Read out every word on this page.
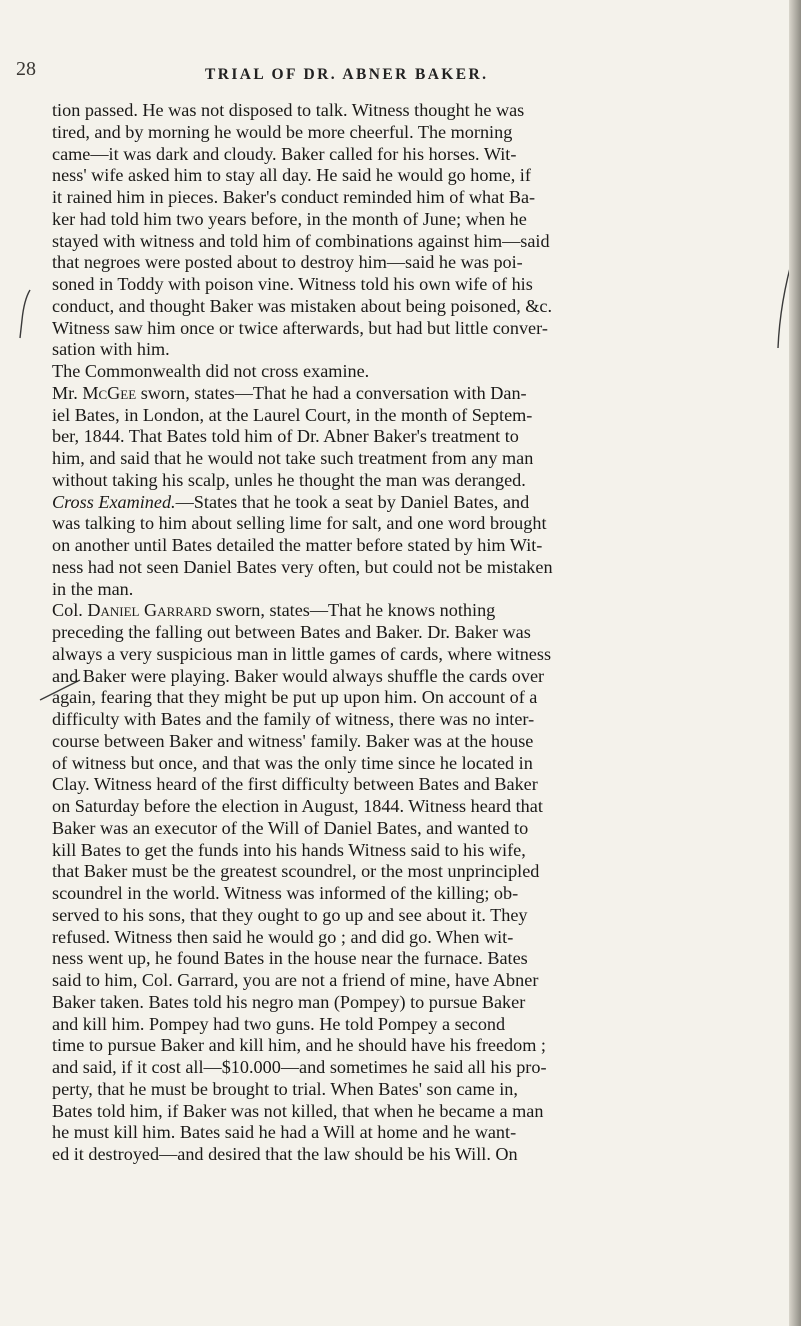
28	TRIAL OF DR. ABNER BAKER.
tion passed. He was not disposed to talk. Witness thought he was
tired, and by morning he would be more cheerful. The morning
came—it was dark and cloudy. Baker called for his horses. Wit-
ness' wife asked him to stay all day. He said he would go home, if
it rained him in pieces. Baker's conduct reminded him of what Ba-
ker had told him two years before, in the month of June; when he
stayed with witness and told him of combinations against him—said
that negroes were posted about to destroy him—said he was poi-
soned in Toddy with poison vine. Witness told his own wife of his
conduct, and thought Baker was mistaken about being poisoned, &c.
Witness saw him once or twice afterwards, but had but little conver-
sation with him.
The Commonwealth did not cross examine.
Mr. McGee sworn, states—That he had a conversation with Dan-
iel Bates, in London, at the Laurel Court, in the month of Septem-
ber, 1844. That Bates told him of Dr. Abner Baker's treatment to
him, and said that he would not take such treatment from any man
without taking his scalp, unles he thought the man was deranged.
Cross Examined.—States that he took a seat by Daniel Bates, and
was talking to him about selling lime for salt, and one word brought
on another until Bates detailed the matter before stated by him Wit-
ness had not seen Daniel Bates very often, but could not be mistaken
in the man.
Col. Daniel Garrard sworn, states—That he knows nothing
preceding the falling out between Bates and Baker. Dr. Baker was
always a very suspicious man in little games of cards, where witness
and Baker were playing. Baker would always shuffle the cards over
again, fearing that they might be put up upon him. On account of a
difficulty with Bates and the family of witness, there was no inter-
course between Baker and witness' family. Baker was at the house
of witness but once, and that was the only time since he located in
Clay. Witness heard of the first difficulty between Bates and Baker
on Saturday before the election in August, 1844. Witness heard that
Baker was an executor of the Will of Daniel Bates, and wanted to
kill Bates to get the funds into his hands Witness said to his wife,
that Baker must be the greatest scoundrel, or the most unprincipled
scoundrel in the world. Witness was informed of the killing; ob-
served to his sons, that they ought to go up and see about it. They
refused. Witness then said he would go ; and did go. When wit-
ness went up, he found Bates in the house near the furnace. Bates
said to him, Col. Garrard, you are not a friend of mine, have Abner
Baker taken. Bates told his negro man (Pompey) to pursue Baker
and kill him. Pompey had two guns. He told Pompey a second
time to pursue Baker and kill him, and he should have his freedom ;
and said, if it cost all—$10.000—and sometimes he said all his pro-
perty, that he must be brought to trial. When Bates' son came in,
Bates told him, if Baker was not killed, that when he became a man
he must kill him. Bates said he had a Will at home and he want-
ed it destroyed—and desired that the law should be his Will. On
